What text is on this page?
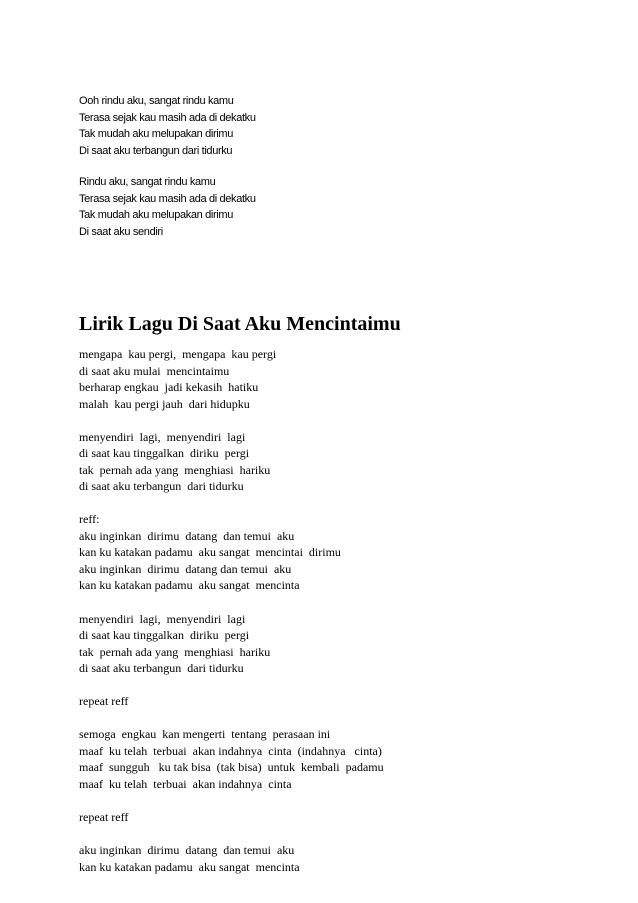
Ooh rindu aku, sangat rindu kamu
Terasa sejak kau masih ada di dekatku
Tak mudah aku melupakan dirimu
Di saat aku terbangun dari tidurku
Rindu aku, sangat rindu kamu
Terasa sejak kau masih ada di dekatku
Tak mudah aku melupakan dirimu
Di saat aku sendiri
Lirik Lagu Di Saat Aku Mencintaimu
mengapa  kau pergi,  mengapa  kau pergi
di saat aku mulai  mencintaimu
berharap engkau  jadi kekasih  hatiku
malah  kau pergi jauh  dari hidupku
menyendiri  lagi,  menyendiri  lagi
di saat kau tinggalkan  diriku  pergi
tak  pernah ada yang  menghiasi  hariku
di saat aku terbangun  dari tidurku
reff:
aku inginkan  dirimu  datang  dan temui  aku
kan ku katakan padamu  aku sangat  mencintai  dirimu
aku inginkan  dirimu  datang dan temui  aku
kan ku katakan padamu  aku sangat  mencinta
menyendiri  lagi,  menyendiri  lagi
di saat kau tinggalkan  diriku  pergi
tak  pernah ada yang  menghiasi  hariku
di saat aku terbangun  dari tidurku
repeat reff
semoga  engkau  kan mengerti  tentang  perasaan ini
maaf  ku telah  terbuai  akan indahnya  cinta  (indahnya   cinta)
maaf  sungguh   ku tak bisa  (tak bisa)  untuk  kembali  padamu
maaf  ku telah  terbuai  akan indahnya  cinta
repeat reff
aku inginkan  dirimu  datang  dan temui  aku
kan ku katakan padamu  aku sangat  mencinta
